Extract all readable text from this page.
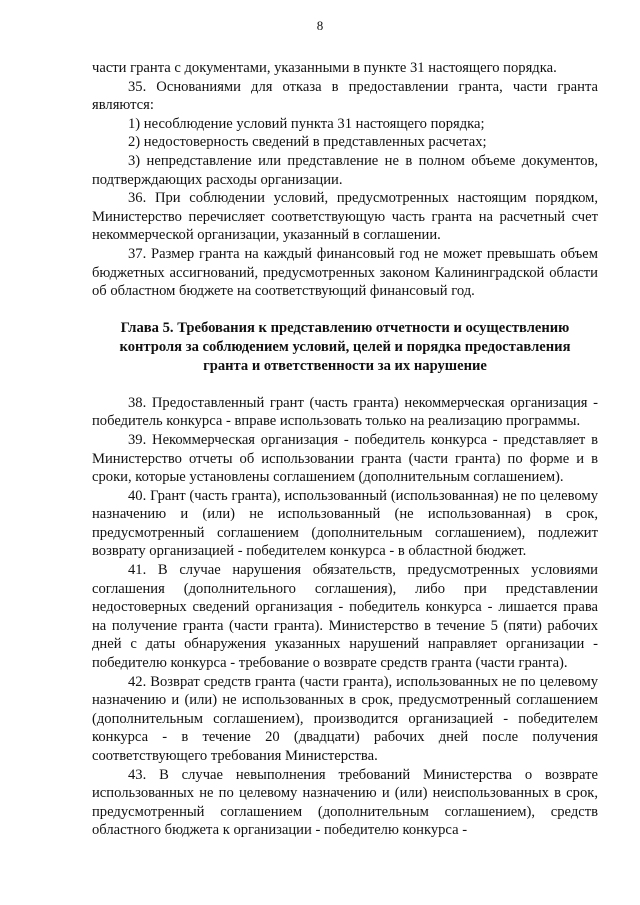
8

части гранта с документами, указанными в пункте 31 настоящего порядка.

35. Основаниями для отказа в предоставлении гранта, части гранта являются:

1) несоблюдение условий пункта 31 настоящего порядка;

2) недостоверность сведений в представленных расчетах;

3) непредставление или представление не в полном объеме документов, подтверждающих расходы организации.

36. При соблюдении условий, предусмотренных настоящим порядком, Министерство перечисляет соответствующую часть гранта на расчетный счет некоммерческой организации, указанный в соглашении.

37. Размер гранта на каждый финансовый год не может превышать объем бюджетных ассигнований, предусмотренных законом Калининградской области об областном бюджете на соответствующий финансовый год.

Глава 5. Требования к представлению отчетности и осуществлению контроля за соблюдением условий, целей и порядка предоставления гранта и ответственности за их нарушение

38. Предоставленный грант (часть гранта) некоммерческая организация - победитель конкурса - вправе использовать только на реализацию программы.

39. Некоммерческая организация - победитель конкурса - представляет в Министерство отчеты об использовании гранта (части гранта) по форме и в сроки, которые установлены соглашением (дополнительным соглашением).

40. Грант (часть гранта), использованный (использованная) не по целевому назначению и (или) не использованный (не использованная) в срок, предусмотренный соглашением (дополнительным соглашением), подлежит возврату организацией - победителем конкурса - в областной бюджет.

41. В случае нарушения обязательств, предусмотренных условиями соглашения (дополнительного соглашения), либо при представлении недостоверных сведений организация - победитель конкурса - лишается права на получение гранта (части гранта). Министерство в течение 5 (пяти) рабочих дней с даты обнаружения указанных нарушений направляет организации - победителю конкурса - требование о возврате средств гранта (части гранта).

42. Возврат средств гранта (части гранта), использованных не по целевому назначению и (или) не использованных в срок, предусмотренный соглашением (дополнительным соглашением), производится организацией - победителем конкурса - в течение 20 (двадцати) рабочих дней после получения соответствующего требования Министерства.

43. В случае невыполнения требований Министерства о возврате использованных не по целевому назначению и (или) неиспользованных в срок, предусмотренный соглашением (дополнительным соглашением), средств областного бюджета к организации - победителю конкурса -
